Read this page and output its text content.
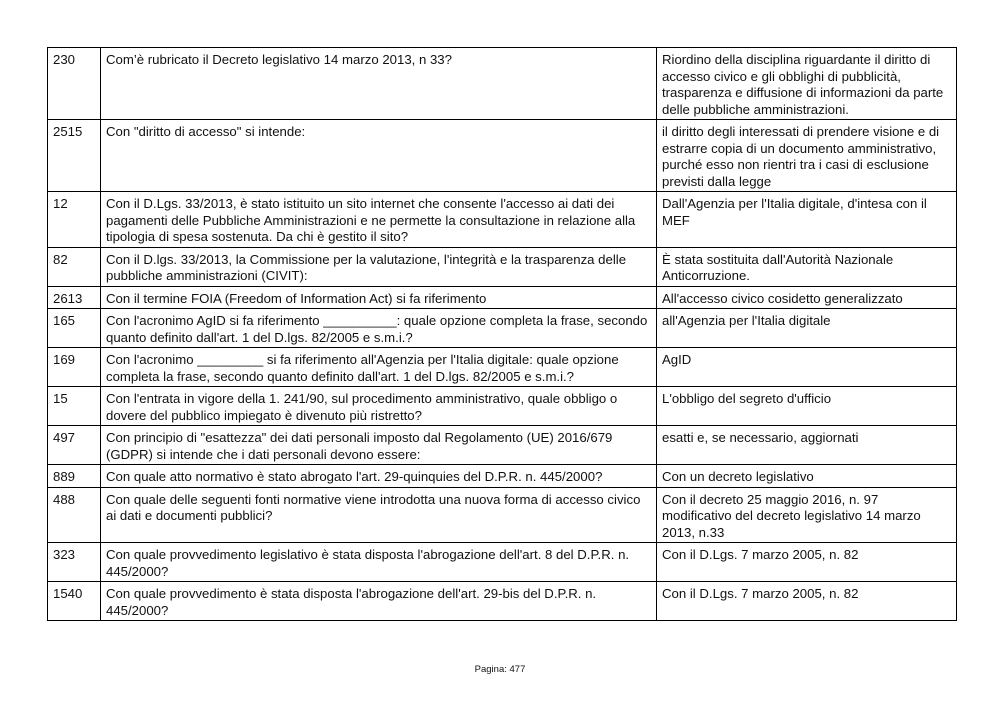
230	Com’è rubricato il Decreto legislativo 14 marzo 2013, n 33?	Riordino della disciplina riguardante il diritto di accesso civico e gli obblighi di pubblicità, trasparenza e diffusione di informazioni da parte delle pubbliche amministrazioni.
2515	Con "diritto di accesso" si intende:	il diritto degli interessati di prendere visione e di estrarre copia di un documento amministrativo, purché esso non rientri tra i casi di esclusione previsti dalla legge
12	Con il D.Lgs. 33/2013, è stato istituito un sito internet che consente l'accesso ai dati dei pagamenti delle Pubbliche Amministrazioni e ne permette la consultazione in relazione alla tipologia di spesa sostenuta. Da chi è gestito il sito?	Dall'Agenzia per l'Italia digitale, d'intesa con il MEF
82	Con il D.lgs. 33/2013, la Commissione per la valutazione, l'integrità e la trasparenza delle pubbliche amministrazioni (CIVIT):	È stata sostituita dall'Autorità Nazionale Anticorruzione.
2613	Con il termine FOIA (Freedom of Information Act) si fa riferimento	All'accesso civico cosidetto generalizzato
165	Con l'acronimo AgID si fa riferimento __________: quale opzione completa la frase, secondo quanto definito dall'art. 1 del D.lgs. 82/2005 e s.m.i.?	all'Agenzia per l'Italia digitale
169	Con l'acronimo _________ si fa riferimento all'Agenzia per l'Italia digitale: quale opzione completa la frase, secondo quanto definito dall'art. 1 del D.lgs. 82/2005 e s.m.i.?	AgID
15	Con l'entrata in vigore della 1. 241/90, sul procedimento amministrativo, quale obbligo o dovere del pubblico impiegato è divenuto più ristretto?	L'obbligo del segreto d'ufficio
497	Con principio di "esattezza" dei dati personali imposto dal Regolamento (UE) 2016/679 (GDPR) si intende che i dati personali devono essere:	esatti e, se necessario, aggiornati
889	Con quale atto normativo è stato abrogato l'art. 29-quinquies del D.P.R. n. 445/2000?	Con un decreto legislativo
488	Con quale delle seguenti fonti normative viene introdotta una nuova forma di accesso civico ai dati e documenti pubblici?	Con il decreto 25 maggio 2016, n. 97 modificativo del decreto legislativo 14 marzo 2013, n.33
323	Con quale provvedimento legislativo è stata disposta l'abrogazione dell'art. 8 del D.P.R. n. 445/2000?	Con il D.Lgs. 7 marzo 2005, n. 82
1540	Con quale provvedimento è stata disposta l'abrogazione dell'art. 29-bis del D.P.R. n. 445/2000?	Con il D.Lgs. 7 marzo 2005, n. 82
Pagina: 477
